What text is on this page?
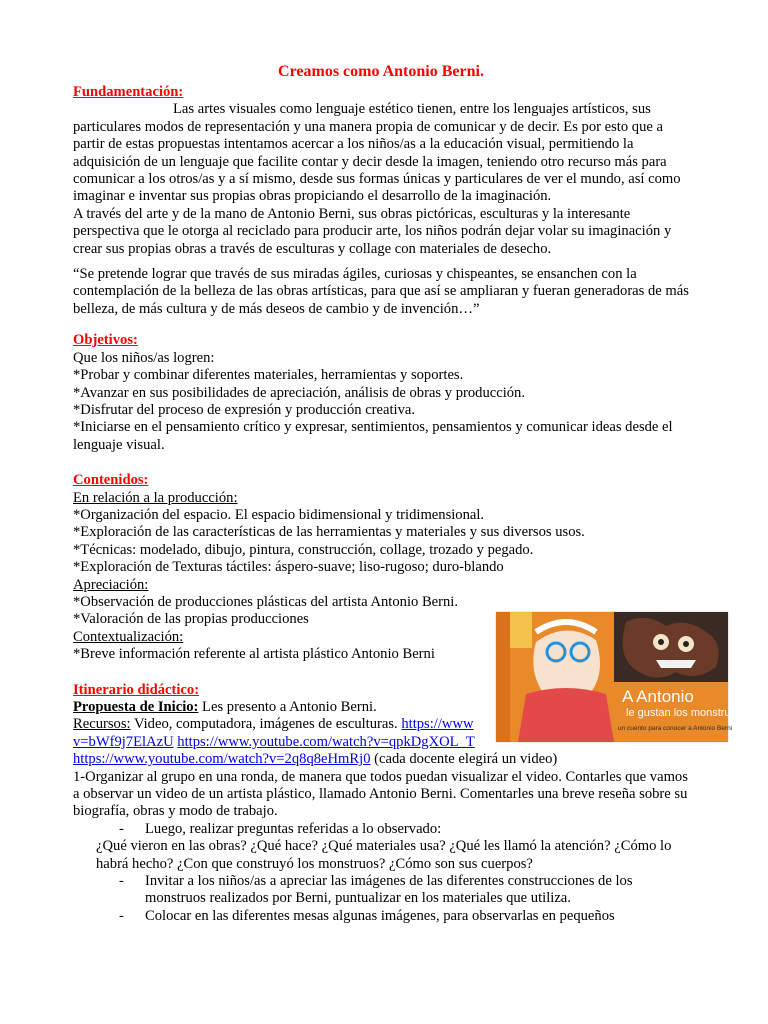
Creamos como Antonio Berni.

Fundamentación:

Las artes visuales como lenguaje estético tienen, entre los lenguajes artísticos, sus particulares modos de representación y una manera propia de comunicar y de decir. Es por esto que a partir de estas propuestas intentamos acercar a los niños/as a la educación visual, permitiendo la adquisición de un lenguaje que facilite contar y decir desde la imagen, teniendo otro recurso más para comunicar a los otros/as y a sí mismo, desde sus formas únicas y particulares de ver el mundo, así como imaginar e inventar sus propias obras propiciando el desarrollo de la imaginación.

A través del arte y de la mano de Antonio Berni, sus obras pictóricas, esculturas y la interesante perspectiva que le otorga al reciclado para producir arte, los niños podrán dejar volar su imaginación y crear sus propias obras a través de esculturas y collage con materiales de desecho.

“Se pretende lograr que través de sus miradas ágiles, curiosas y chispeantes, se ensanchen con la contemplación de la belleza de las obras artísticas, para que así se ampliaran y fueran generadoras de más belleza, de más cultura y de más deseos de cambio y de invención…”

Objetivos:

Que los niños/as logren:

*Probar y combinar diferentes materiales, herramientas y soportes.

*Avanzar en sus posibilidades de apreciación, análisis de obras y producción.

*Disfrutar del proceso de expresión y producción creativa.

*Iniciarse en el pensamiento crítico y expresar, sentimientos, pensamientos y comunicar ideas desde el lenguaje visual.

Contenidos:

En relación a la producción:

*Organización del espacio. El espacio bidimensional y tridimensional.

*Exploración de las características de las herramientas y materiales y sus diversos usos.

*Técnicas: modelado, dibujo, pintura, construcción, collage, trozado y pegado.

*Exploración de Texturas táctiles: áspero-suave; liso-rugoso; duro-blando

Apreciación:

*Observación de producciones plásticas del artista Antonio Berni.

*Valoración de las propias producciones

Contextualización:

*Breve información referente al artista plástico Antonio Berni

Itinerario didáctico:

Propuesta de Inicio: Les presento a Antonio Berni.

Recursos: Video, computadora, imágenes de esculturas. https://www

v=bWf9j7ElAzU https://www.youtube.com/watch?v=qpkDgXOL_T

https://www.youtube.com/watch?v=2q8q8eHmRj0 (cada docente elegirá un video)

1-Organizar al grupo en una ronda, de manera que todos puedan visualizar el video. Contarles que vamos a observar un video de un artista plástico, llamado Antonio Berni. Comentarles una breve reseña sobre su biografía, obras y modo de trabajo.

- Luego, realizar preguntas referidas a lo observado:

¿Qué vieron en las obras? ¿Qué hace? ¿Qué materiales usa? ¿Qué les llamó la atención? ¿Cómo lo habrá hecho? ¿Con que construyó los monstruos? ¿Cómo son sus cuerpos?

- Invitar a los niños/as a apreciar las imágenes de las diferentes construcciones de los monstruos realizados por Berni, puntualizar en los materiales que utiliza.

- Colocar en las diferentes mesas algunas imágenes, para observarlas en pequeños

A Antonio
le gustan los monstruos
un cuento para conocer a Antonio Berni
